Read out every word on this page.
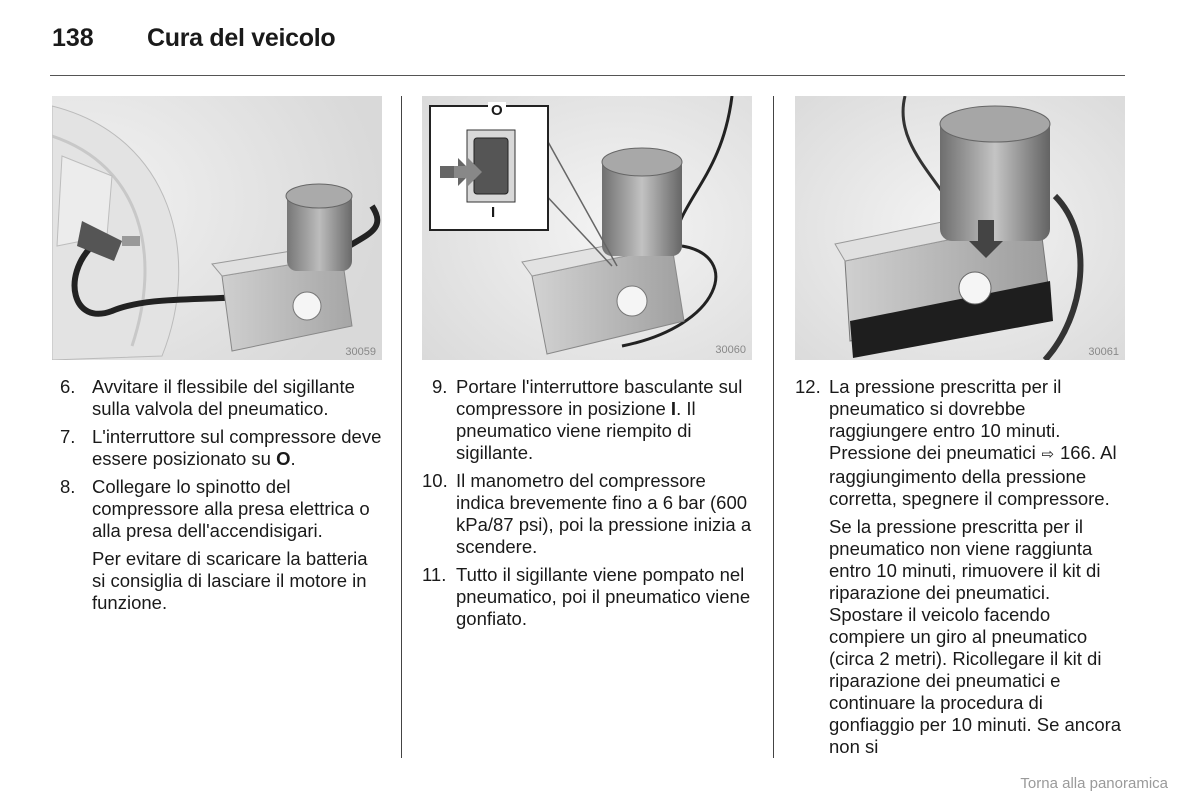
138 Cura del veicolo
30059
O
I
30060	30061
6. Avvitare il flessibile del sigillante sulla valvola del pneumatico.
7. L'interruttore sul compressore deve essere posizionato su O.
8. Collegare lo spinotto del compressore alla presa elettrica o alla presa dell'accendisigari.
Per evitare di scaricare la batteria si consiglia di lasciare il motore in funzione.
9. Portare l'interruttore basculante sul compressore in posizione I. Il pneumatico viene riempito di sigillante.
10. Il manometro del compressore indica brevemente fino a 6 bar (600 kPa/87 psi), poi la pressione inizia a scendere.
11. Tutto il sigillante viene pompato nel pneumatico, poi il pneumatico viene gonfiato.
12. La pressione prescritta per il pneumatico si dovrebbe raggiungere entro 10 minuti. Pressione dei pneumatici ⇨ 166. Al raggiungimento della pressione corretta, spegnere il compressore.
Se la pressione prescritta per il pneumatico non viene raggiunta entro 10 minuti, rimuovere il kit di riparazione dei pneumatici. Spostare il veicolo facendo compiere un giro al pneumatico (circa 2 metri). Ricollegare il kit di riparazione dei pneumatici e continuare la procedura di gonfiaggio per 10 minuti. Se ancora non si
Torna alla panoramica
